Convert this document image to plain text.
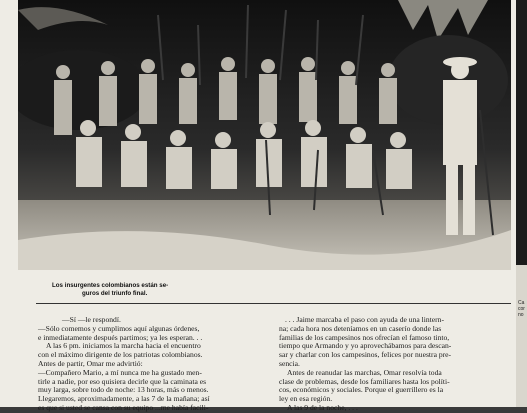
Los insurgentes colombianos están se-
guros del triunfo final.
—Sí —le respondí.
—Sólo comemos y cumplimos aquí algunas órdenes,
e inmediatamente después partimos; ya les esperan. . .
A las 6 pm. iniciamos la marcha hacia el encuentro
con el máximo dirigente de los patriotas colombianos.
Antes de partir, Omar me advirtió:
—Compañero Mario, a mí nunca me ha gustado men-
tirle a nadie, por eso quisiera decirle que la caminata es
muy larga, sobre todo de noche: 13 horas, más o menos.
Llegaremos, aproximadamente, a las 7 de la mañana; así
es que si usted se cansa con su equipo ...me había facili-
. . . Jaime marcaba el paso con ayuda de una lintern-
na; cada hora nos deteníamos en un caserío donde las
familias de los campesinos nos ofrecían el famoso tinto,
tiempo que Armando y yo aprovechábamos para descan-
sar y charlar con los campesinos, felices por nuestra pre-
sencia.
Antes de reanudar las marchas, Omar resolvía toda
clase de problemas, desde los familiares hasta los políti-
cos, económicos y sociales. Porque el guerrillero es la
ley en esa región.
A las 9 de la noche, . . .
Ca
cor
no
